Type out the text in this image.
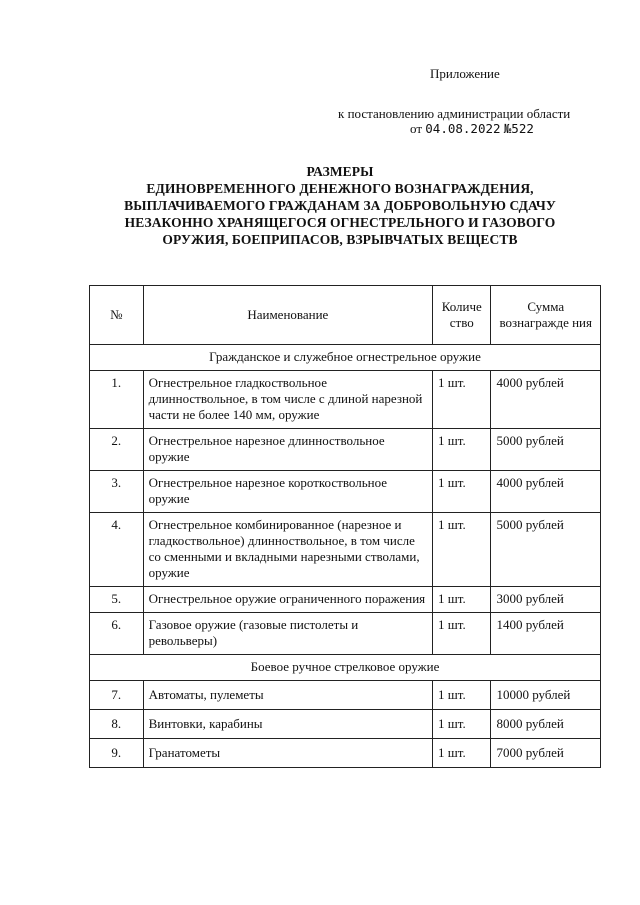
Приложение
к постановлению администрации области
от 04.08.2022 №522
РАЗМЕРЫ
ЕДИНОВРЕМЕННОГО ДЕНЕЖНОГО ВОЗНАГРАЖДЕНИЯ,
ВЫПЛАЧИВАЕМОГО ГРАЖДАНАМ ЗА ДОБРОВОЛЬНУЮ СДАЧУ
НЕЗАКОННО ХРАНЯЩЕГОСЯ ОГНЕСТРЕЛЬНОГО И ГАЗОВОГО
ОРУЖИЯ, БОЕПРИПАСОВ, ВЗРЫВЧАТЫХ ВЕЩЕСТВ
№	Наименование	Количе ство	Сумма вознагражде ния
Гражданское и служебное огнестрельное оружие			
1.	Огнестрельное гладкоствольное длинноствольное, в том числе с длиной нарезной части не более 140 мм, оружие	1 шт.	4000 рублей
2.	Огнестрельное нарезное длинноствольное оружие	1 шт.	5000 рублей
3.	Огнестрельное нарезное короткоствольное оружие	1 шт.	4000 рублей
4.	Огнестрельное комбинированное (нарезное и гладкоствольное) длинноствольное, в том числе со сменными и вкладными нарезными стволами, оружие	1 шт.	5000 рублей
5.	Огнестрельное оружие ограниченного поражения	1 шт.	3000 рублей
6.	Газовое оружие (газовые пистолеты и револьверы)	1 шт.	1400 рублей
Боевое ручное стрелковое оружие			
7.	Автоматы, пулеметы	1 шт.	10000 рублей
8.	Винтовки, карабины	1 шт.	8000 рублей
9.	Гранатометы	1 шт.	7000 рублей
